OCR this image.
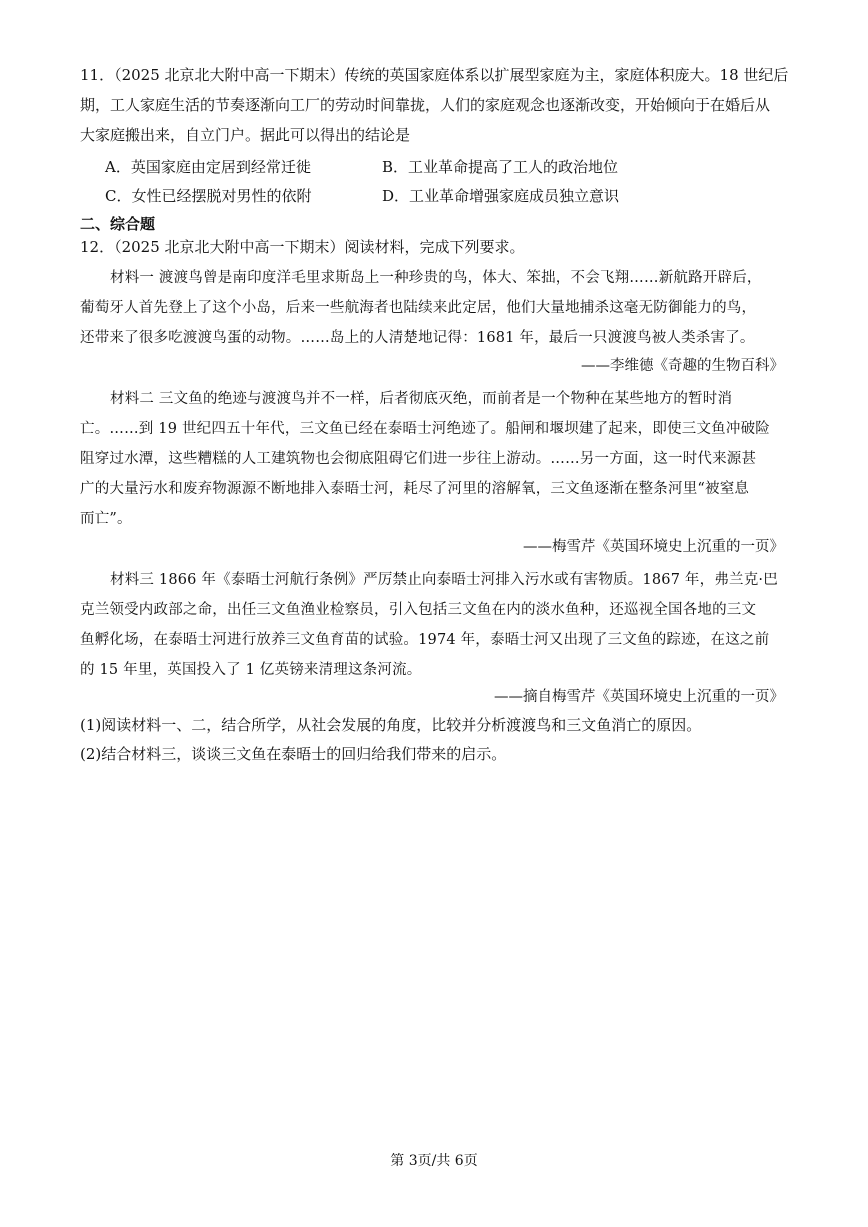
11．（2025 北京北大附中高一下期末）传统的英国家庭体系以扩展型家庭为主，家庭体积庞大。18 世纪后
期，工人家庭生活的节奏逐渐向工厂的劳动时间靠拢，人们的家庭观念也逐渐改变，开始倾向于在婚后从
大家庭搬出来，自立门户。据此可以得出的结论是
A．英国家庭由定居到经常迁徙	B．工业革命提高了工人的政治地位
C．女性已经摆脱对男性的依附	D．工业革命增强家庭成员独立意识
二、综合题
12．（2025 北京北大附中高一下期末）阅读材料，完成下列要求。
材料一 渡渡鸟曾是南印度洋毛里求斯岛上一种珍贵的鸟，体大、笨拙，不会飞翔……新航路开辟后，
葡萄牙人首先登上了这个小岛，后来一些航海者也陆续来此定居，他们大量地捕杀这毫无防御能力的鸟，
还带来了很多吃渡渡鸟蛋的动物。……岛上的人清楚地记得：1681 年，最后一只渡渡鸟被人类杀害了。
——李维德《奇趣的生物百科》
材料二 三文鱼的绝迹与渡渡鸟并不一样，后者彻底灭绝，而前者是一个物种在某些地方的暂时消
亡。……到 19 世纪四五十年代，三文鱼已经在泰晤士河绝迹了。船闸和堰坝建了起来，即使三文鱼冲破险
阻穿过水潭，这些糟糕的人工建筑物也会彻底阻碍它们进一步往上游动。……另一方面，这一时代来源甚
广的大量污水和废弃物源源不断地排入泰晤士河，耗尽了河里的溶解氧，三文鱼逐渐在整条河里“被窒息
而亡”。
——梅雪芹《英国环境史上沉重的一页》
材料三 1866 年《泰晤士河航行条例》严厉禁止向泰晤士河排入污水或有害物质。1867 年，弗兰克·巴
克兰领受内政部之命，出任三文鱼渔业检察员，引入包括三文鱼在内的淡水鱼种，还巡视全国各地的三文
鱼孵化场，在泰晤士河进行放养三文鱼育苗的试验。1974 年，泰晤士河又出现了三文鱼的踪迹，在这之前
的 15 年里，英国投入了 1 亿英镑来清理这条河流。
——摘自梅雪芹《英国环境史上沉重的一页》
(1)阅读材料一、二，结合所学，从社会发展的角度，比较并分析渡渡鸟和三文鱼消亡的原因。
(2)结合材料三，谈谈三文鱼在泰晤士的回归给我们带来的启示。
第 3页/共 6页
